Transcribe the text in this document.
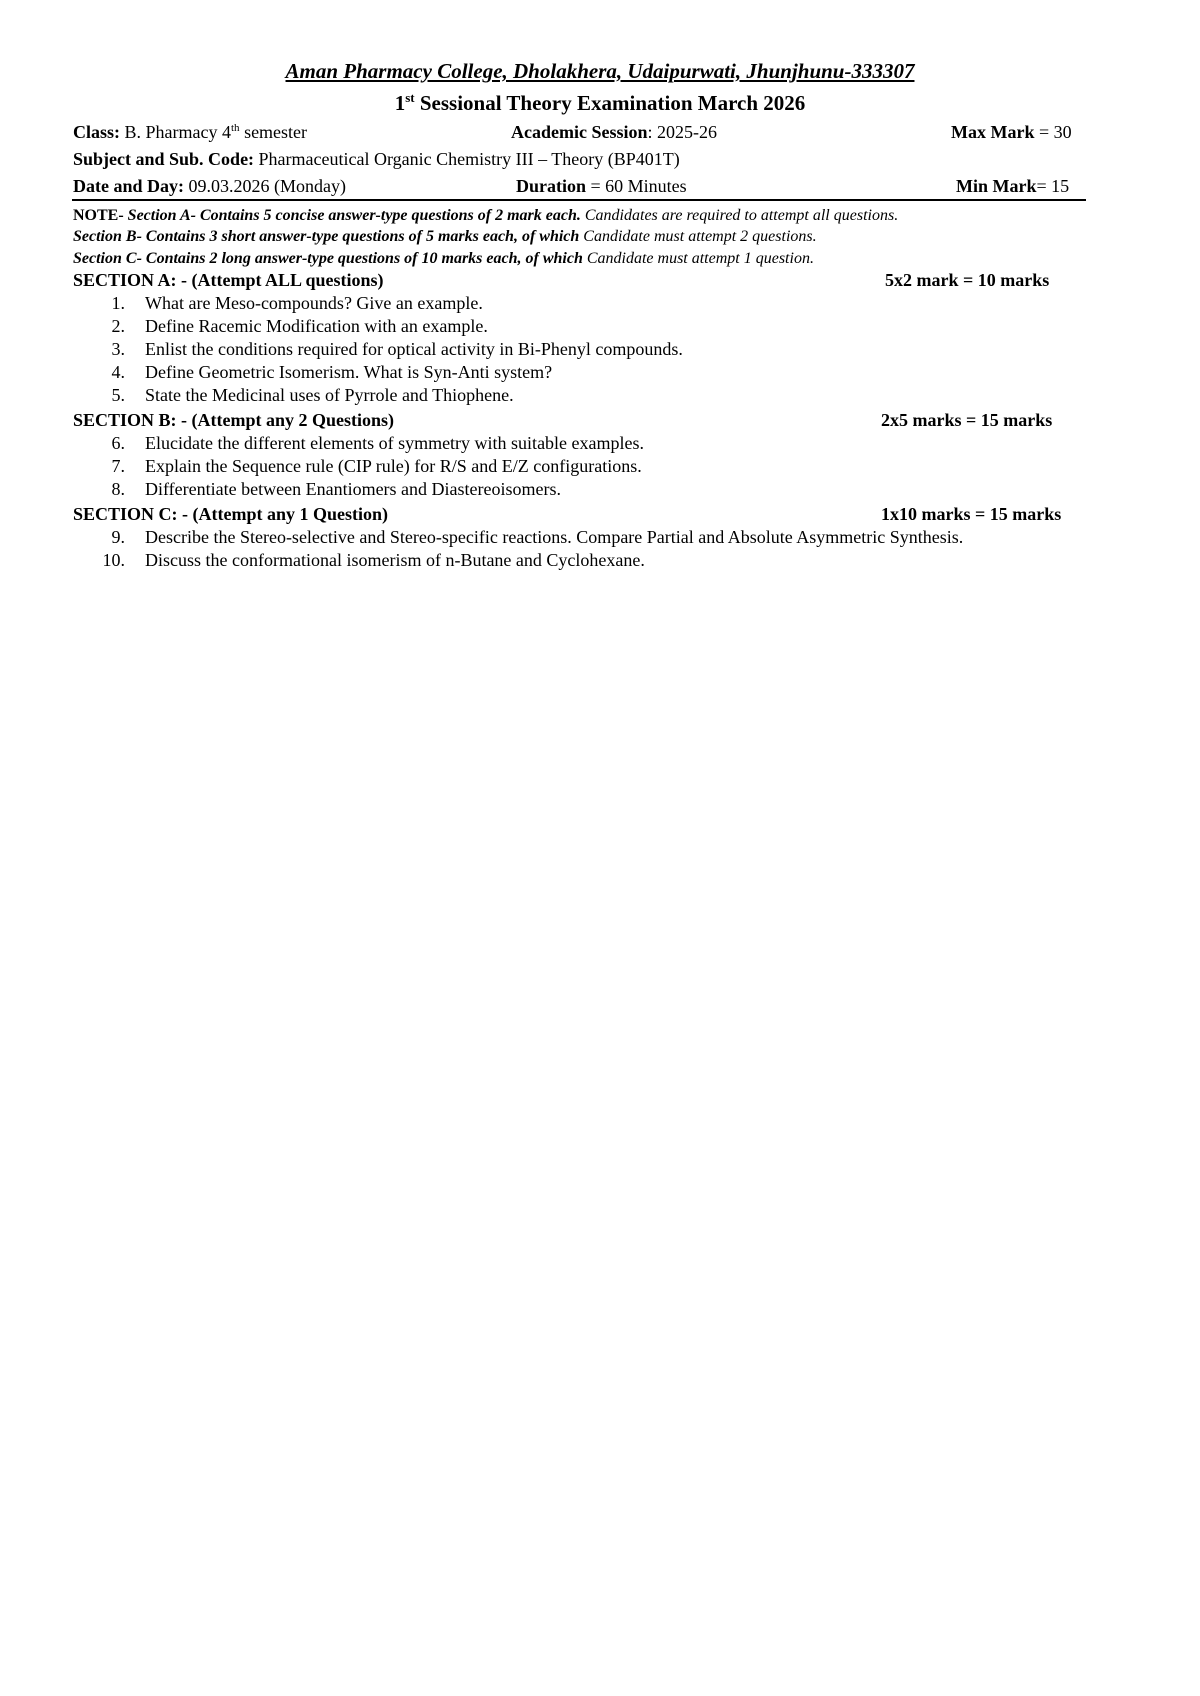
Aman Pharmacy College, Dholakhera, Udaipurwati, Jhunjhunu-333307
1st Sessional Theory Examination March 2026
Class: B. Pharmacy 4th semester	Academic Session: 2025-26	Max Mark = 30
Subject and Sub. Code: Pharmaceutical Organic Chemistry III – Theory (BP401T)
Date and Day: 09.03.2026 (Monday)	Duration = 60 Minutes	Min Mark= 15
NOTE- Section A- Contains 5 concise answer-type questions of 2 mark each. Candidates are required to attempt all questions.
Section B- Contains 3 short answer-type questions of 5 marks each, of which Candidate must attempt 2 questions.
Section C- Contains 2 long answer-type questions of 10 marks each, of which Candidate must attempt 1 question.
SECTION A: - (Attempt ALL questions)	5x2 mark = 10 marks
1. What are Meso-compounds? Give an example.
2. Define Racemic Modification with an example.
3. Enlist the conditions required for optical activity in Bi-Phenyl compounds.
4. Define Geometric Isomerism. What is Syn-Anti system?
5. State the Medicinal uses of Pyrrole and Thiophene.
SECTION B: - (Attempt any 2 Questions)	2x5 marks = 15 marks
6. Elucidate the different elements of symmetry with suitable examples.
7. Explain the Sequence rule (CIP rule) for R/S and E/Z configurations.
8. Differentiate between Enantiomers and Diastereoisomers.
SECTION C: - (Attempt any 1 Question)	1x10 marks = 15 marks
9. Describe the Stereo-selective and Stereo-specific reactions. Compare Partial and Absolute Asymmetric Synthesis.
10. Discuss the conformational isomerism of n-Butane and Cyclohexane.
